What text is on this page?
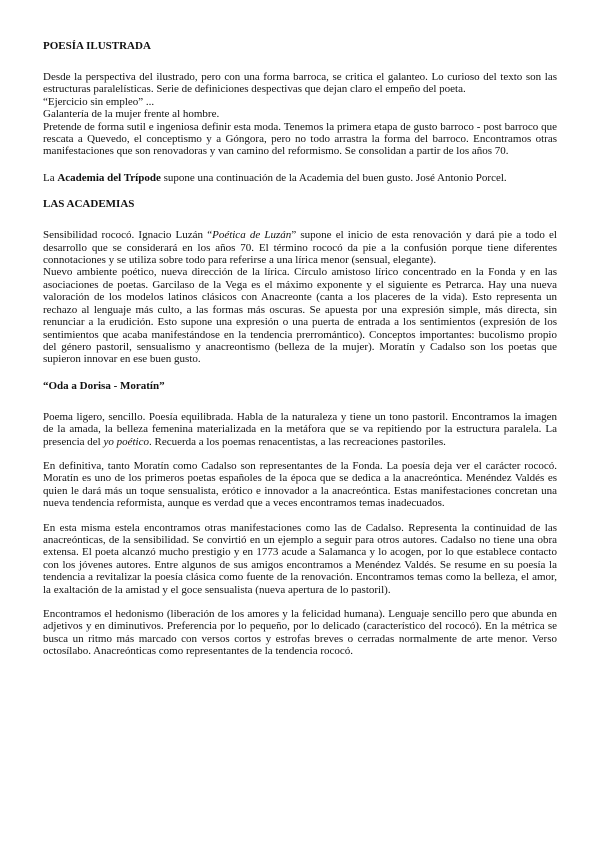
POESÍA ILUSTRADA

Desde la perspectiva del ilustrado, pero con una forma barroca, se critica el galanteo. Lo curioso del texto son las estructuras paralelísticas. Serie de definiciones despectivas que dejan claro el empeño del poeta.

“Ejercicio sin empleo” ...

Galantería de la mujer frente al hombre.

Pretende de forma sutil e ingeniosa definir esta moda. Tenemos la primera etapa de gusto barroco - post barroco que rescata a Quevedo, el conceptismo y a Góngora, pero no todo arrastra la forma del barroco. Encontramos otras manifestaciones que son renovadoras y van camino del reformismo. Se consolidan a partir de los años 70.

La Academia del Trípode supone una continuación de la Academia del buen gusto. José Antonio Porcel.

LAS ACADEMIAS

Sensibilidad rococó. Ignacio Luzán “Poética de Luzán” supone el inicio de esta renovación y dará pie a todo el desarrollo que se considerará en los años 70. El término rococó da pie a la confusión porque tiene diferentes connotaciones y se utiliza sobre todo para referirse a una lírica menor (sensual, elegante).

Nuevo ambiente poético, nueva dirección de la lírica. Círculo amistoso lírico concentrado en la Fonda y en las asociaciones de poetas. Garcilaso de la Vega es el máximo exponente y el siguiente es Petrarca. Hay una nueva valoración de los modelos latinos clásicos con Anacreonte (canta a los placeres de la vida). Esto representa un rechazo al lenguaje más culto, a las formas más oscuras. Se apuesta por una expresión simple, más directa, sin renunciar a la erudición. Esto supone una expresión o una puerta de entrada a los sentimientos (expresión de los sentimientos que acaba manifestándose en la tendencia prerromántico). Conceptos importantes: bucolismo propio del género pastoril, sensualismo y anacreontismo (belleza de la mujer). Moratín y Cadalso son los poetas que supieron innovar en ese buen gusto.

“Oda a Dorisa - Moratín”

Poema ligero, sencillo. Poesía equilibrada. Habla de la naturaleza y tiene un tono pastoril. Encontramos la imagen de la amada, la belleza femenina materializada en la metáfora que se va repitiendo por la estructura paralela. La presencia del yo poético. Recuerda a los poemas renacentistas, a las recreaciones pastoriles.

En definitiva, tanto Moratín como Cadalso son representantes de la Fonda. La poesía deja ver el carácter rococó. Moratín es uno de los primeros poetas españoles de la época que se dedica a la anacreóntica. Menéndez Valdés es quien le dará más un toque sensualista, erótico e innovador a la anacreóntica. Estas manifestaciones concretan una nueva tendencia reformista, aunque es verdad que a veces encontramos temas inadecuados.

En esta misma estela encontramos otras manifestaciones como las de Cadalso. Representa la continuidad de las anacreónticas, de la sensibilidad. Se convirtió en un ejemplo a seguir para otros autores. Cadalso no tiene una obra extensa. El poeta alcanzó mucho prestigio y en 1773 acude a Salamanca y lo acogen, por lo que establece contacto con los jóvenes autores. Entre algunos de sus amigos encontramos a Menéndez Valdés. Se resume en su poesía la tendencia a revitalizar la poesía clásica como fuente de la renovación. Encontramos temas como la belleza, el amor, la exaltación de la amistad y el goce sensualista (nueva apertura de lo pastoril).

Encontramos el hedonismo (liberación de los amores y la felicidad humana). Lenguaje sencillo pero que abunda en adjetivos y en diminutivos. Preferencia por lo pequeño, por lo delicado (característico del rococó). En la métrica se busca un ritmo más marcado con versos cortos y estrofas breves o cerradas normalmente de arte menor. Verso octosílabo. Anacreónticas como representantes de la tendencia rococó.
